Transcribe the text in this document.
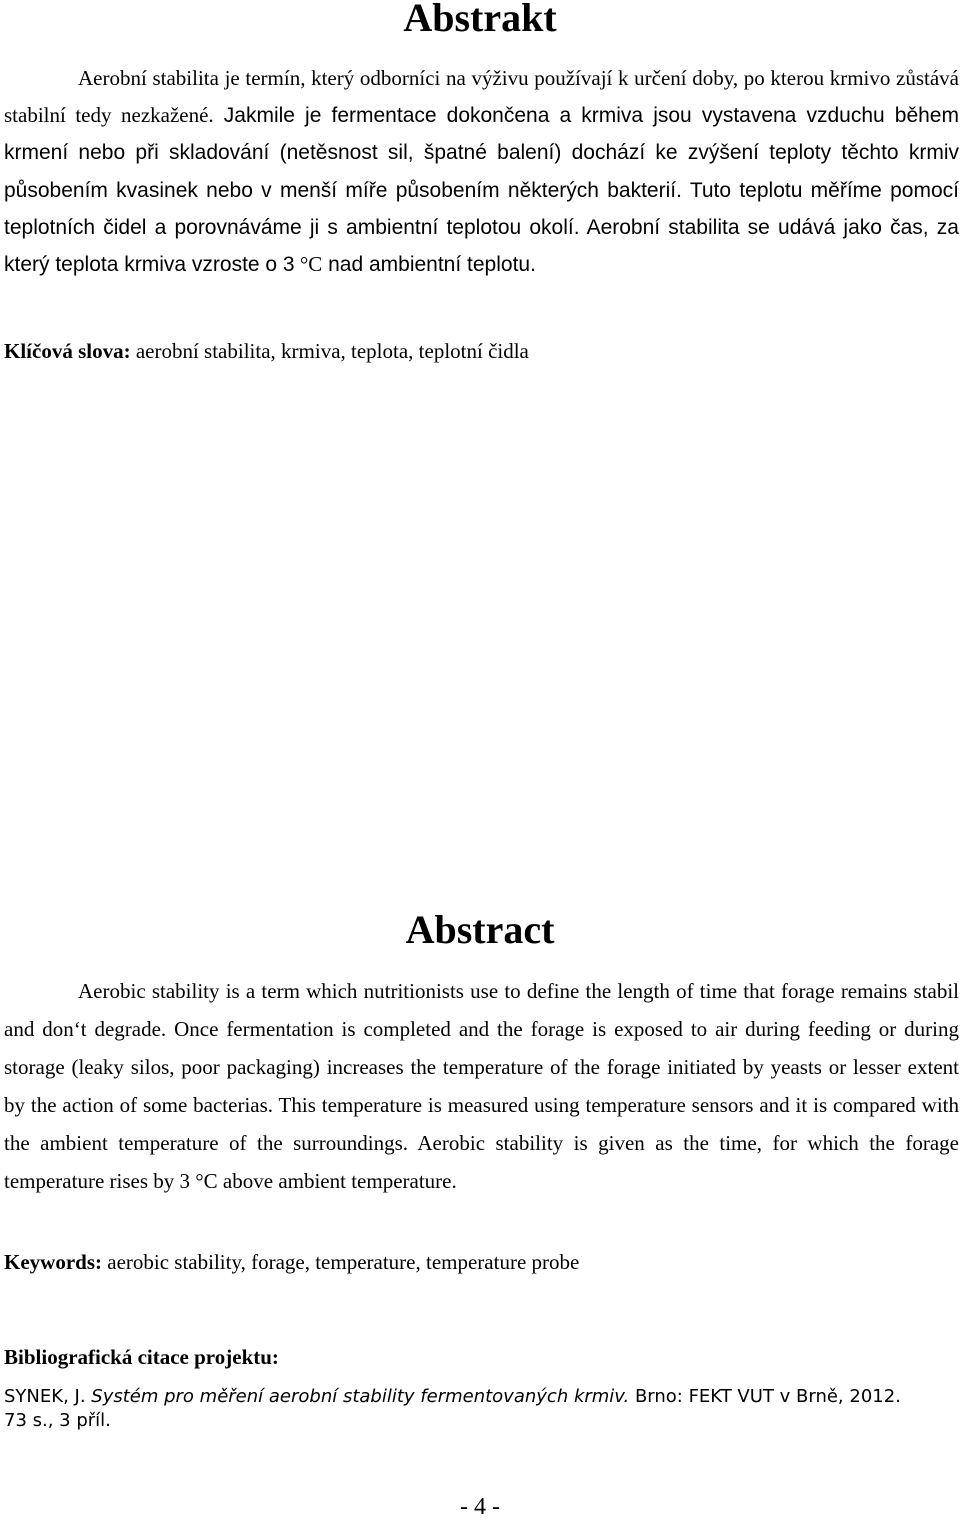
Abstrakt

Aerobní stabilita je termín, který odborníci na výživu používají k určení doby, po kterou krmivo zůstává stabilní tedy nezkažené. Jakmile je fermentace dokončena a krmiva jsou vystavena vzduchu během krmení nebo při skladování (netěsnost sil, špatné balení) dochází ke zvýšení teploty těchto krmiv působením kvasinek nebo v menší míře působením některých bakterií. Tuto teplotu měříme pomocí teplotních čidel a porovnáváme ji s ambientní teplotou okolí. Aerobní stabilita se udává jako čas, za který teplota krmiva vzroste o 3 °C nad ambientní teplotu.

Klíčová slova: aerobní stabilita, krmiva, teplota, teplotní čidla

Abstract

Aerobic stability is a term which nutritionists use to define the length of time that forage remains stabil and don‘t degrade. Once fermentation is completed and the forage is exposed to air during feeding or during storage (leaky silos, poor packaging) increases the temperature of the forage initiated by yeasts or lesser extent by the action of some bacterias. This temperature is measured using temperature sensors and it is compared with the ambient temperature of the surroundings. Aerobic stability is given as the time, for which the forage temperature rises by 3 °C above ambient temperature.

Keywords: aerobic stability, forage, temperature, temperature probe

Bibliografická citace projektu:

SYNEK, J. Systém pro měření aerobní stability fermentovaných krmiv. Brno: FEKT VUT v Brně, 2012. 73 s., 3 příl.

- 4 -
